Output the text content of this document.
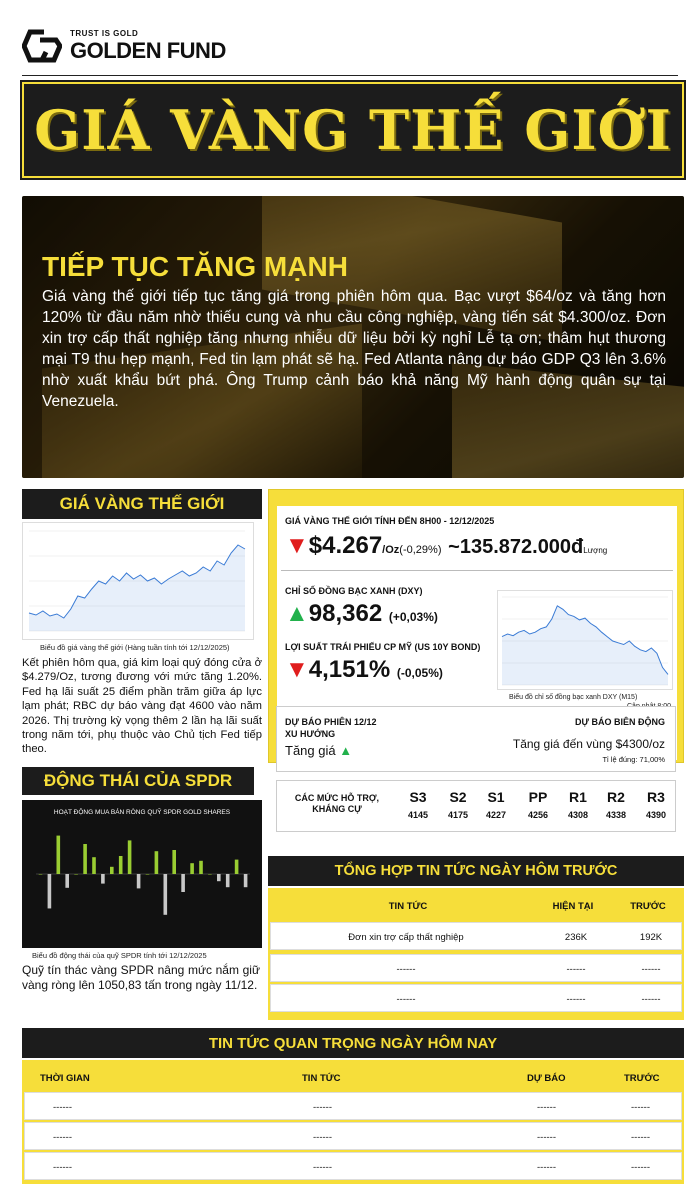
TRUST IS GOLD
GOLDEN FUND
GIÁ VÀNG THẾ GIỚI
TIẾP TỤC TĂNG MẠNH

Giá vàng thế giới tiếp tục tăng giá trong phiên hôm qua. Bạc vượt $64/oz và tăng hơn 120% từ đầu năm nhờ thiếu cung và nhu cầu công nghiệp, vàng tiến sát $4.300/oz. Đơn xin trợ cấp thất nghiệp tăng nhưng nhiễu dữ liệu bởi kỳ nghỉ Lễ tạ ơn; thâm hụt thương mại T9 thu hẹp mạnh, Fed tin lạm phát sẽ hạ. Fed Atlanta nâng dự báo GDP Q3 lên 3.6% nhờ xuất khẩu bứt phá. Ông Trump cảnh báo khả năng Mỹ hành động quân sự tại Venezuela.

GIÁ VÀNG THẾ GIỚI
Biểu đồ giá vàng thế giới (Hàng tuần tính tới 12/12/2025)
Kết phiên hôm qua, giá kim loại quý đóng cửa ở $4.279/Oz, tương đương với mức tăng 1.20%. Fed hạ lãi suất 25 điểm phần trăm giữa áp lực lạm phát; RBC dự báo vàng đạt 4600 vào năm 2026. Thị trường kỳ vọng thêm 2 lần hạ lãi suất trong năm tới, phụ thuộc vào Chủ tịch Fed tiếp theo.
ĐỘNG THÁI CỦA SPDR
HOẠT ĐỘNG MUA BÁN RÒNG QUỸ SPDR GOLD SHARES
Biểu đồ động thái của quỹ SPDR tính tới 12/12/2025
Quỹ tín thác vàng SPDR nâng mức nắm giữ vàng ròng lên 1050,83 tấn trong ngày 11/12.
GIÁ VÀNG THẾ GIỚI TÍNH ĐẾN 8H00 - 12/12/2025
▼$4.267/Oz(-0,29%) ~135.872.000đLượng
CHỈ SỐ ĐỒNG BẠC XANH (DXY)
▲98,362 (+0,03%)
LỢI SUẤT TRÁI PHIẾU CP MỸ (US 10Y BOND)
▼4,151% (-0,05%)
Biểu đồ chỉ số đồng bạc xanh DXY (M15)
DỰ BÁO PHIÊN 12/12
XU HƯỚNG
Tăng giá ▲
DỰ BÁO BIÊN ĐỘNG
Tăng giá đến vùng $4300/oz
Tỉ lệ đúng: 71,00%
CÁC MỨC HỖ TRỢ, KHÁNG CỰ
S3
4145
S2
4175
S1
4227
PP
4256
R1
4308
R2
4338
R3
4390
TỔNG HỢP TIN TỨC NGÀY HÔM TRƯỚC
TIN TỨC	HIỆN TẠI	TRƯỚC
Đơn xin trợ cấp thất nghiệp	236K	192K
------	------	------
------	------	------
TIN TỨC QUAN TRỌNG NGÀY HÔM NAY
THỜI GIAN	TIN TỨC	DỰ BÁO	TRƯỚC
------	------	------	------
------	------	------	------
------	------	------	------
